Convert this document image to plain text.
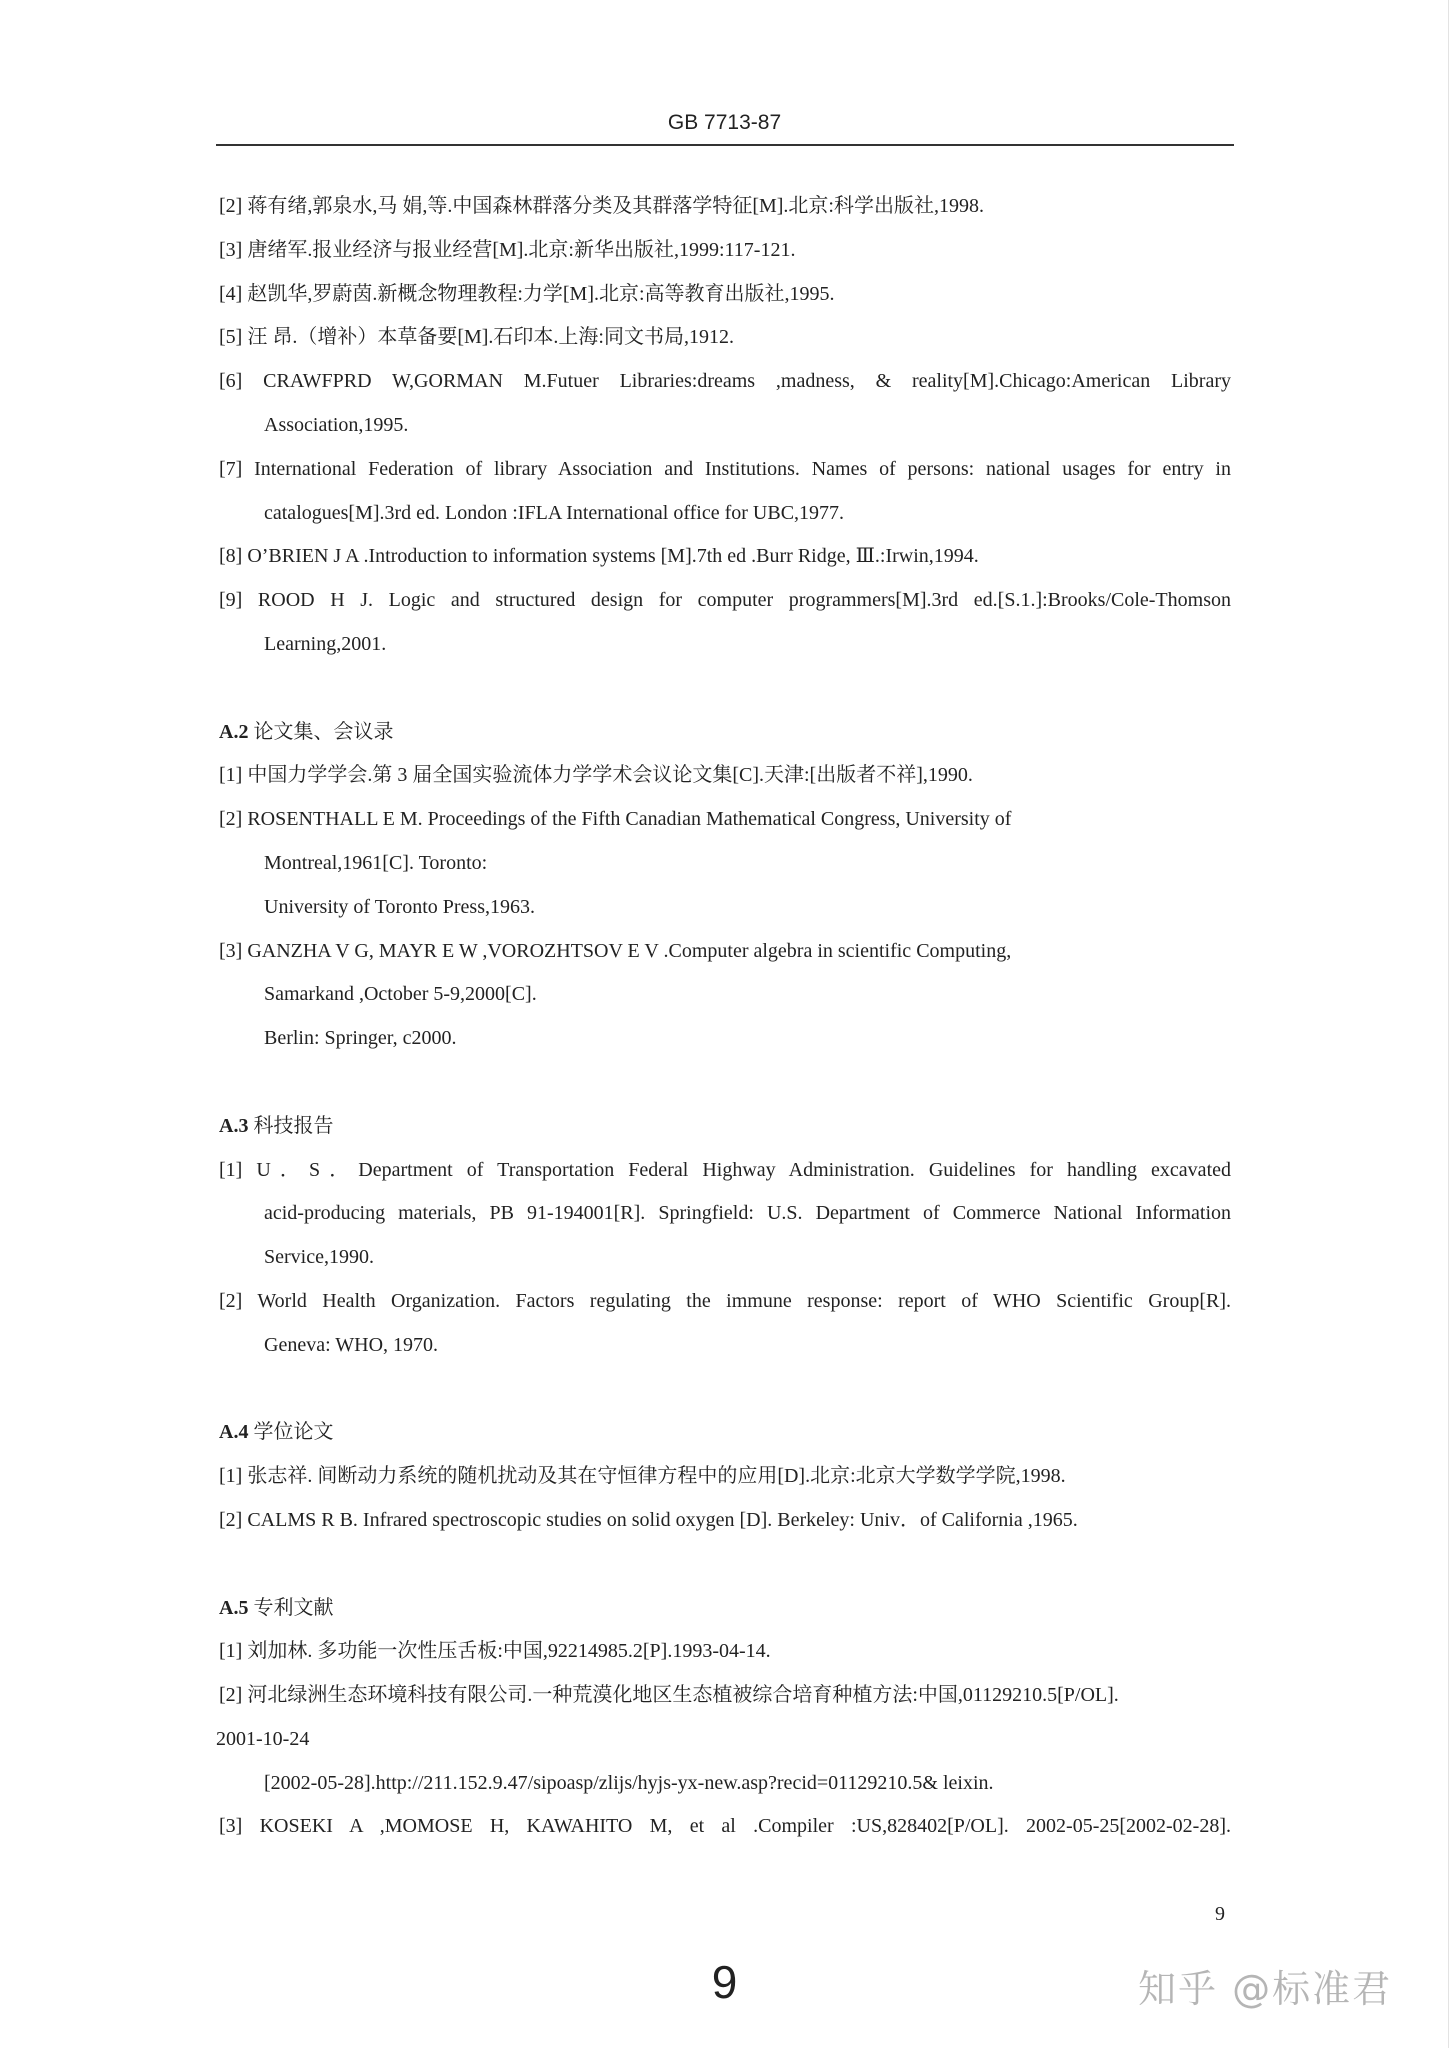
GB 7713-87
[2] 蒋有绪,郭泉水,马 娟,等.中国森林群落分类及其群落学特征[M].北京:科学出版社,1998.
[3] 唐绪军.报业经济与报业经营[M].北京:新华出版社,1999:117-121.
[4] 赵凯华,罗蔚茵.新概念物理教程:力学[M].北京:高等教育出版社,1995.
[5] 汪 昂.（增补）本草备要[M].石印本.上海:同文书局,1912.
[6] CRAWFPRD W,GORMAN M.Futuer Libraries:dreams ,madness, & reality[M].Chicago:American Library
Association,1995.
[7] International Federation of library Association and Institutions. Names of persons: national usages for entry in
catalogues[M].3rd ed. London :IFLA International office for UBC,1977.
[8] O’BRIEN J A .Introduction to information systems [M].7th ed .Burr Ridge, Ⅲ.:Irwin,1994.
[9] ROOD H J. Logic and structured design for computer programmers[M].3rd ed.[S.1.]:Brooks/Cole-Thomson
Learning,2001.
A.2 论文集、会议录
[1] 中国力学学会.第 3 届全国实验流体力学学术会议论文集[C].天津:[出版者不祥],1990.
[2] ROSENTHALL E M. Proceedings of the Fifth Canadian Mathematical Congress, University of
Montreal,1961[C]. Toronto:
University of Toronto Press,1963.
[3] GANZHA V G, MAYR E W ,VOROZHTSOV E V .Computer algebra in scientific Computing,
Samarkand ,October 5-9,2000[C].
Berlin: Springer, c2000.
A.3 科技报告
[1] U．S．Department of Transportation Federal Highway Administration. Guidelines for handling excavated
acid-producing materials, PB 91-194001[R]. Springfield: U.S. Department of Commerce National Information
Service,1990.
[2] World Health Organization. Factors regulating the immune response: report of WHO Scientific Group[R].
Geneva: WHO, 1970.
A.4 学位论文
[1] 张志祥. 间断动力系统的随机扰动及其在守恒律方程中的应用[D].北京:北京大学数学学院,1998.
[2] CALMS R B. Infrared spectroscopic studies on solid oxygen [D]. Berkeley: Univ．of California ,1965.
A.5 专利文献
[1] 刘加林. 多功能一次性压舌板:中国,92214985.2[P].1993-04-14.
[2] 河北绿洲生态环境科技有限公司.一种荒漠化地区生态植被综合培育种植方法:中国,01129210.5[P/OL].
2001-10-24
[2002-05-28].http://211.152.9.47/sipoasp/zlijs/hyjs-yx-new.asp?recid=01129210.5& leixin.
[3] KOSEKI A ,MOMOSE H, KAWAHITO M, et al .Compiler :US,828402[P/OL]. 2002-05-25[2002-02-28].
9
9	知乎 @标准君
